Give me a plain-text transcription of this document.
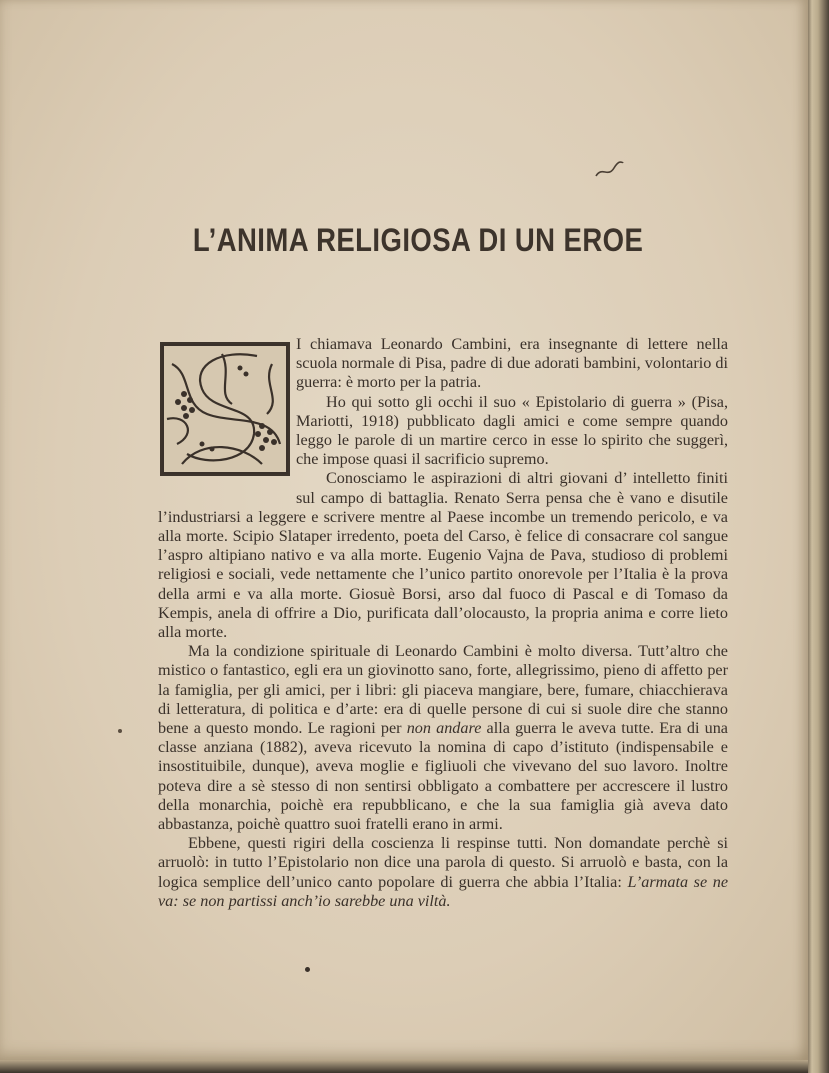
L’ANIMA RELIGIOSA DI UN EROE

I chiamava Leonardo Cambini, era insegnante di lettere nella scuola normale di Pisa, padre di due adorati bambini, volontario di guerra: è morto per la patria.

Ho qui sotto gli occhi il suo « Epistolario di guerra » (Pisa, Mariotti, 1918) pubblicato dagli amici e come sempre quando leggo le parole di un martire cerco in esse lo spirito che suggerì, che impose quasi il sacrificio supremo.

Conosciamo le aspirazioni di altri giovani d’ intelletto finiti sul campo di battaglia. Renato Serra pensa che è vano e disutile l’industriarsi a leggere e scrivere mentre al Paese incombe un tremendo pericolo, e va alla morte. Scipio Slataper irredento, poeta del Carso, è felice di consacrare col sangue l’aspro altipiano nativo e va alla morte. Eugenio Vajna de Pava, studioso di problemi religiosi e sociali, vede nettamente che l’unico partito onorevole per l’Italia è la prova della armi e va alla morte. Giosuè Borsi, arso dal fuoco di Pascal e di Tomaso da Kempis, anela di offrire a Dio, purificata dall’olocausto, la propria anima e corre lieto alla morte.

Ma la condizione spirituale di Leonardo Cambini è molto diversa. Tutt’altro che mistico o fantastico, egli era un giovinotto sano, forte, allegrissimo, pieno di affetto per la famiglia, per gli amici, per i libri: gli piaceva mangiare, bere, fumare, chiacchierava di letteratura, di politica e d’arte: era di quelle persone di cui si suole dire che stanno bene a questo mondo. Le ragioni per non andare alla guerra le aveva tutte. Era di una classe anziana (1882), aveva ricevuto la nomina di capo d’istituto (indispensabile e insostituibile, dunque), aveva moglie e figliuoli che vivevano del suo lavoro. Inoltre poteva dire a sè stesso di non sentirsi obbligato a combattere per accrescere il lustro della monarchia, poichè era repubblicano, e che la sua famiglia già aveva dato abbastanza, poichè quattro suoi fratelli erano in armi.

Ebbene, questi rigiri della coscienza li respinse tutti. Non domandate perchè si arruolò: in tutto l’Epistolario non dice una parola di questo. Si arruolò e basta, con la logica semplice dell’unico canto popolare di guerra che abbia l’Italia: L’armata se ne va: se non partissi anch’io sarebbe una viltà.
